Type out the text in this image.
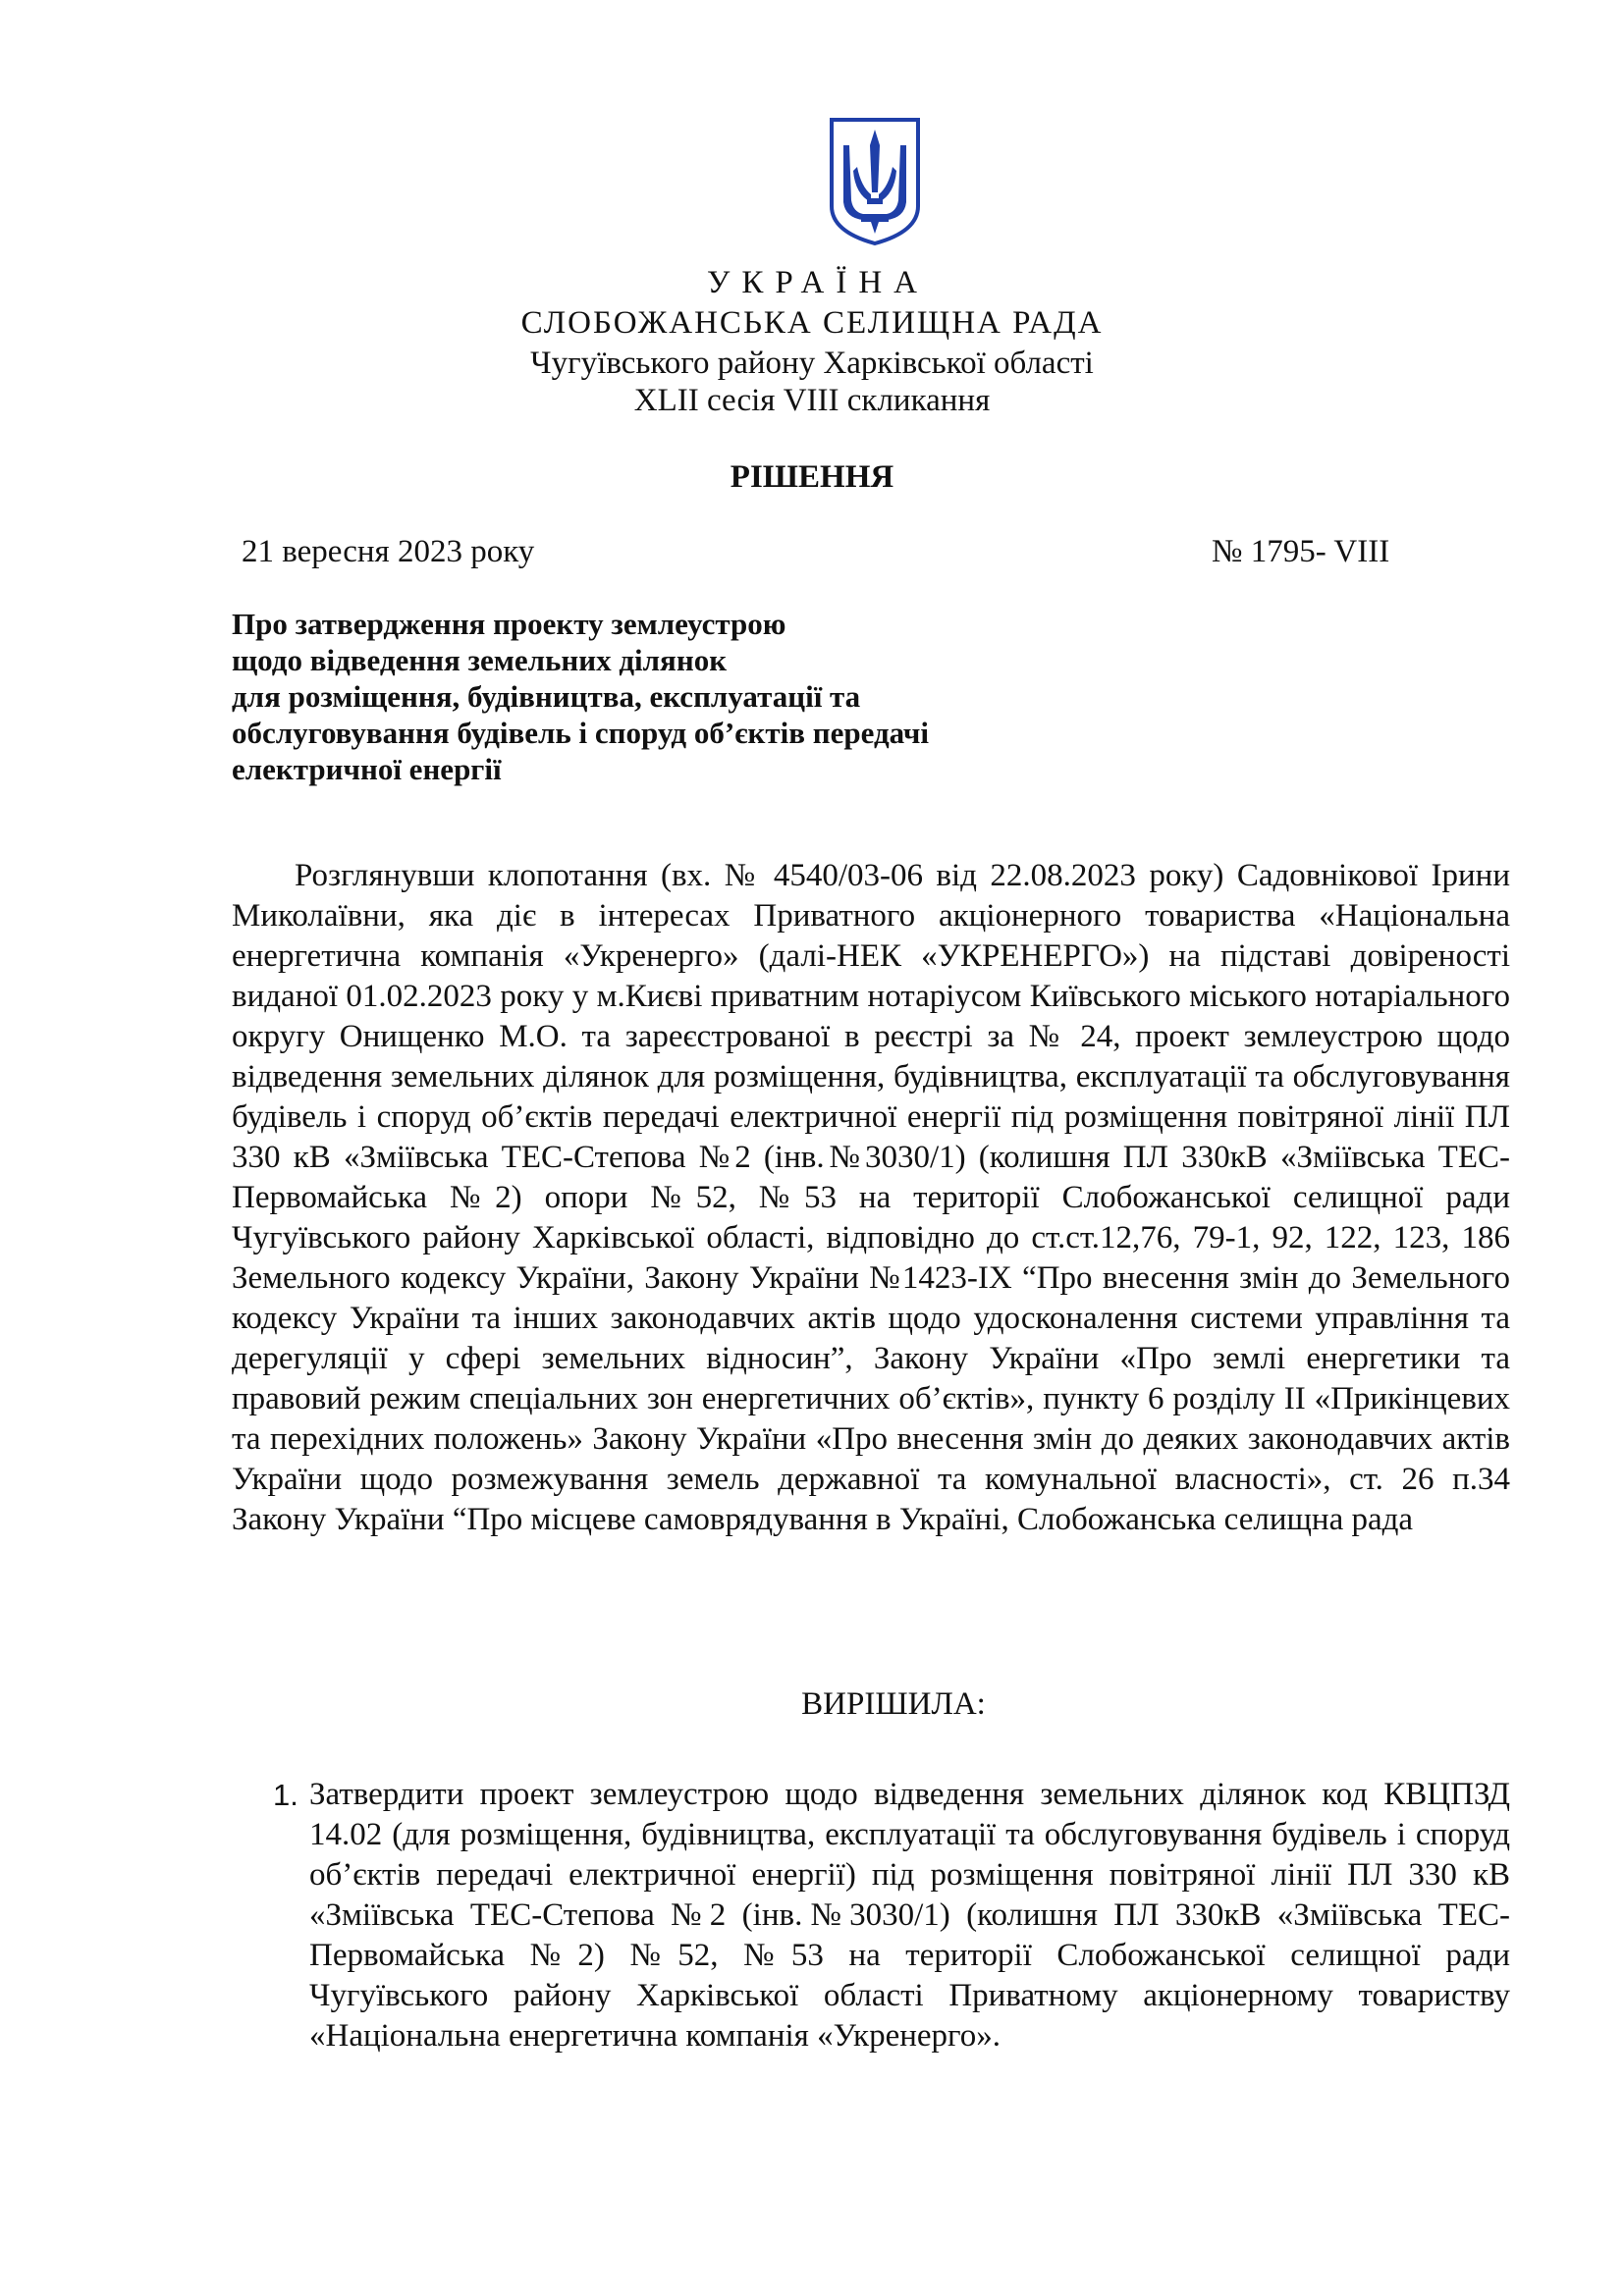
УКРАЇНА
СЛОБОЖАНСЬКА СЕЛИЩНА РАДА
Чугуївського району Харківської області
XLII сесія VIII скликання
РІШЕННЯ
21 вересня 2023 року	№ 1795- VIII
Про затвердження проекту землеустрою
щодо відведення земельних ділянок
для розміщення, будівництва, експлуатації та
обслуговування будівель і споруд об’єктів передачі
електричної енергії
Розглянувши клопотання (вх. № 4540/03-06 від 22.08.2023 року) Садовнікової Ірини Миколаївни, яка діє в інтересах Приватного акціонерного товариства «Національна енергетична компанія «Укренерго» (далі-НЕК «УКРЕНЕРГО») на підставі довіреності виданої 01.02.2023 року у м.Києві приватним нотаріусом Київського міського нотаріального округу Онищенко М.О. та зареєстрованої в реєстрі за № 24, проект землеустрою щодо відведення земельних ділянок для розміщення, будівництва, експлуатації та обслуговування будівель і споруд об’єктів передачі електричної енергії під розміщення повітряної лінії ПЛ 330 кВ «Зміївська ТЕС-Степова №2 (інв.№3030/1) (колишня ПЛ 330кВ «Зміївська ТЕС-Первомайська №2) опори №52, №53 на території Слобожанської селищної ради Чугуївського району Харківської області, відповідно до ст.ст.12,76, 79-1, 92, 122, 123, 186 Земельного кодексу України, Закону України №1423-IX “Про внесення змін до Земельного кодексу України та інших законодавчих актів щодо удосконалення системи управління та дерегуляції у сфері земельних відносин”, Закону України «Про землі енергетики та правовий режим спеціальних зон енергетичних об’єктів», пункту 6 розділу II «Прикінцевих та перехідних положень» Закону України «Про внесення змін до деяких законодавчих актів України щодо розмежування земель державної та комунальної власності», ст. 26 п.34 Закону України “Про місцеве самоврядування в Україні, Слобожанська селищна рада
ВИРІШИЛА:
1. Затвердити проект землеустрою щодо відведення земельних ділянок код КВЦПЗД 14.02 (для розміщення, будівництва, експлуатації та обслуговування будівель і споруд об’єктів передачі електричної енергії) під розміщення повітряної лінії ПЛ 330 кВ «Зміївська ТЕС-Степова №2 (інв.№3030/1) (колишня ПЛ 330кВ «Зміївська ТЕС-Первомайська №2) №52, №53 на території Слобожанської селищної ради Чугуївського району Харківської області Приватному акціонерному товариству «Національна енергетична компанія «Укренерго».
